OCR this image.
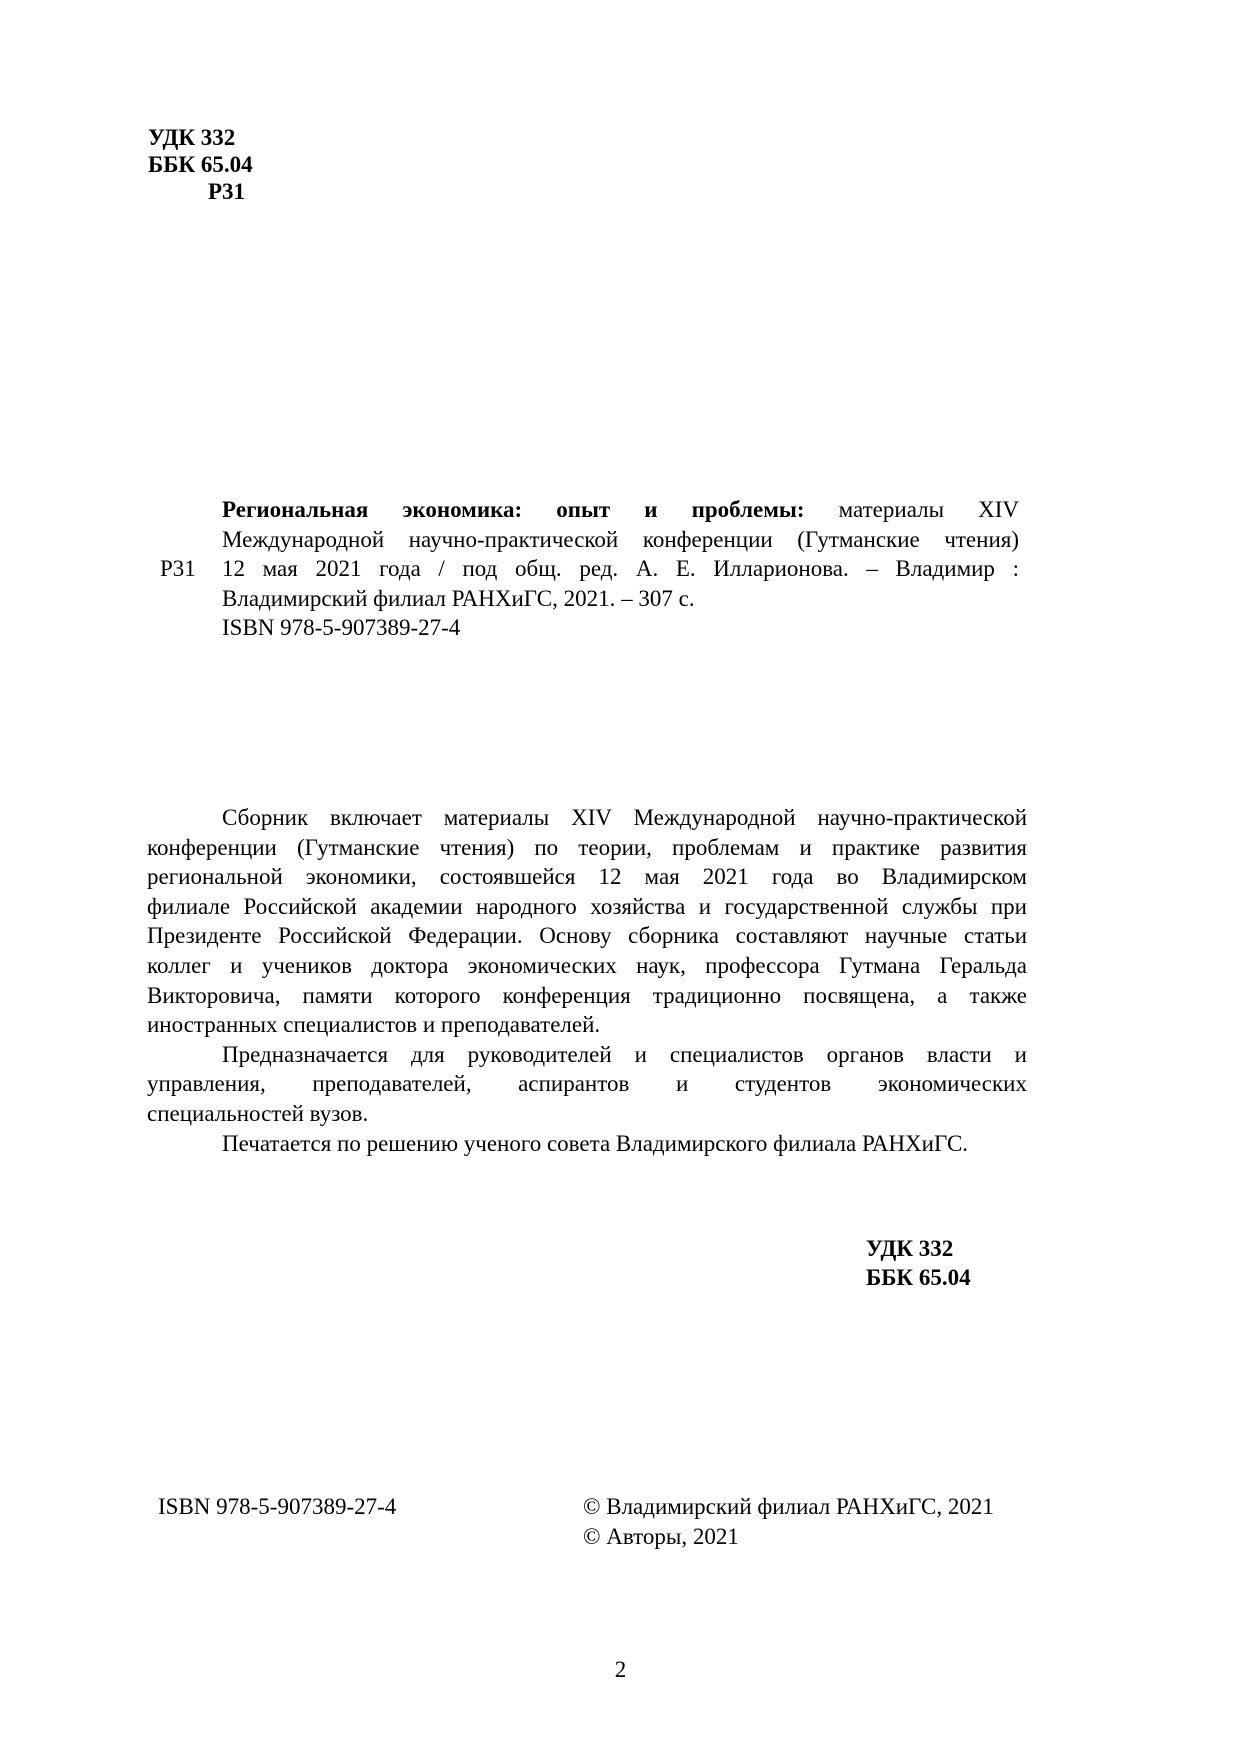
УДК 332
ББК 65.04
Р31
Р31
Региональная экономика: опыт и проблемы: материалы XIV
Международной научно-практической конференции (Гутманские чтения)
12 мая 2021 года / под общ. ред. А. Е. Илларионова. – Владимир :
Владимирский филиал РАНХиГС, 2021. – 307 с.
ISBN 978-5-907389-27-4
Сборник включает материалы XIV Международной научно-практической
конференции (Гутманские чтения) по теории, проблемам и практике развития
региональной экономики, состоявшейся 12 мая 2021 года во Владимирском
филиале Российской академии народного хозяйства и государственной службы при
Президенте Российской Федерации. Основу сборника составляют научные статьи
коллег и учеников доктора экономических наук, профессора Гутмана Геральда
Викторовича, памяти которого конференция традиционно посвящена, а также
иностранных специалистов и преподавателей.
Предназначается для руководителей и специалистов органов власти и
управления, преподавателей, аспирантов и студентов экономических
специальностей вузов.
Печатается по решению ученого совета Владимирского филиала РАНХиГС.
УДК 332
ББК 65.04
ISBN 978-5-907389-27-4	© Владимирский филиал РАНХиГС, 2021
© Авторы, 2021
2
